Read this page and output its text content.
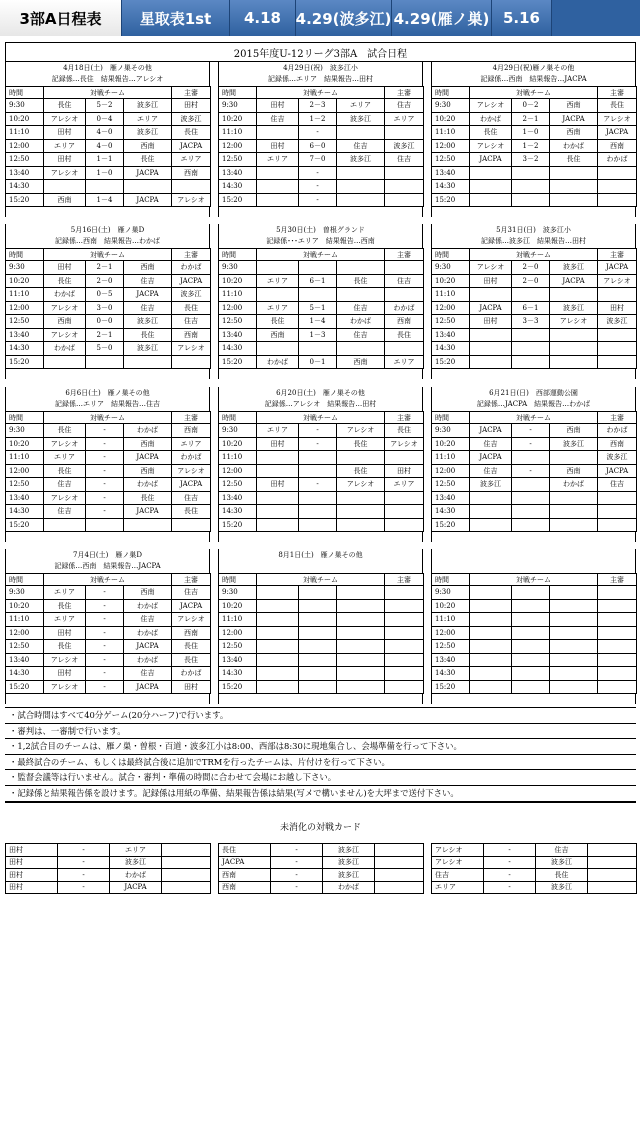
3部A日程表	星取表1st	4.18 4.29(波多江) 4.29(雁ノ巣) 5.16
2015年度U-12リーグ3部A　試合日程
4月18日(土)　雁ノ巣その他
記録係…長住　結果報告…アレシオ
時間	対戦チーム			主審
9:30	長住	5－2	波多江	田村
10:20	アレシオ	0－4	エリア	波多江
11:10	田村	4－0	波多江	長住
12:00	エリア	4－0	西南	JACPA
12:50	田村	1－1	長住	エリア
13:40	アレシオ	1－0	JACPA	西南
14:30				
15:20	西南	1－4	JACPA	アレシオ
4月29日(祝)　波多江小
記録係…エリア　結果報告…田村
時間	対戦チーム			主審
9:30	田村	2－3	エリア	住吉
10:20	住吉	1－2	波多江	エリア
11:10		-		
12:00	田村	6－0	住吉	波多江
12:50	エリア	7－0	波多江	住吉
13:40		-		
14:30		-		
15:20		-		
4月29日(祝)雁ノ巣その他
記録係…西南　結果報告…JACPA
時間	対戦チーム			主審
9:30	アレシオ	0－2	西南	長住
10:20	わかば	2－1	JACPA	アレシオ
11:10	長住	1－0	西南	JACPA
12:00	アレシオ	1－2	わかば	西南
12:50	JACPA	3－2	長住	わかば
13:40				
14:30				
15:20				
5月16日(土)　雁ノ巣D
記録係…西南　結果報告…わかば
時間	対戦チーム			主審
9:30	田村	2－1	西南	わかば
10:20	長住	2－0	住吉	JACPA
11:10	わかば	0－5	JACPA	波多江
12:00	アレシオ	3－0	住吉	長住
12:50	西南	0－0	波多江	住吉
13:40	アレシオ	2－1	長住	西南
14:30	わかば	5－0	波多江	アレシオ
15:20				
5月30日(土)　曽根グランド
記録係･･･エリア　結果報告…西南
時間	対戦チーム			主審
9:30				
10:20	エリア	6－1	長住	住吉
11:10				
12:00	エリア	5－1	住吉	わかば
12:50	長住	1－4	わかば	西南
13:40	西南	1－3	住吉	長住
14:30				
15:20	わかば	0－1	西南	エリア
5月31日(日)　波多江小
記録係…波多江　結果報告…田村
時間	対戦チーム			主審
9:30	アレシオ	2－0	波多江	JACPA
10:20	田村	2－0	JACPA	アレシオ
11:10				
12:00	JACPA	6－1	波多江	田村
12:50	田村	3－3	アレシオ	波多江
13:40				
14:30				
15:20				
6月6日(土)　雁ノ巣その他
記録係…エリア　結果報告…住吉
時間	対戦チーム			主審
9:30	長住	-	わかば	西南
10:20	アレシオ	-	西南	エリア
11:10	エリア	-	JACPA	わかば
12:00	長住	-	西南	アレシオ
12:50	住吉	-	わかば	JACPA
13:40	アレシオ	-	長住	住吉
14:30	住吉	-	JACPA	長住
15:20				
6月20日(土)　雁ノ巣その他
記録係…アレシオ　結果報告…田村
時間	対戦チーム			主審
9:30	エリア	-	アレシオ	長住
10:20	田村	-	長住	アレシオ
11:10				
12:00			長住	田村
12:50	田村	-	アレシオ	エリア
13:40				
14:30				
15:20				
6月21日(日)　西部運動公園
記録係…JACPA　結果報告…わかば
時間	対戦チーム			主審
9:30	JACPA	-	西南	わかば
10:20	住吉	-	波多江	西南
11:10	JACPA			波多江
12:00	住吉	-	西南	JACPA
12:50	波多江		わかば	住吉
13:40				
14:30				
15:20				
7月4日(土)　雁ノ巣D
記録係…西南　結果報告…JACPA
時間	対戦チーム			主審
9:30	エリア	-	西南	住吉
10:20	長住	-	わかば	JACPA
11:10	エリア	-	住吉	アレシオ
12:00	田村	-	わかば	西南
12:50	長住	-	JACPA	長住
13:40	アレシオ	-	わかば	長住
14:30	田村	-	住吉	わかば
15:20	アレシオ	-	JACPA	田村
8月1日(土)　雁ノ巣その他
時間	対戦チーム			主審
9:30				
10:20				
11:10				
12:00				
12:50				
13:40				
14:30				
15:20				
時間	対戦チーム			主審
9:30				
10:20				
11:10				
12:00				
12:50				
13:40				
14:30				
15:20				

・試合時間はすべて40分ゲーム(20分ハーフ)で行います。

・審判は、一審制で行います。

・1,2試合目のチームは、雁ノ巣・曽根・百道・波多江小は8:00、西部は8:30に現地集合し、会場準備を行って下さい。

・最終試合のチーム、もしくは最終試合後に追加でTRMを行ったチームは、片付けを行って下さい。

・監督会議等は行いません。試合・審判・準備の時間に合わせて会場にお越し下さい。

・記録係と結果報告係を設けます。記録係は用紙の準備、結果報告係は結果(写メで構いません)を大坪まで送付下さい。

未消化の対戦カード
田村	-	エリア	
田村	-	波多江	
田村	-	わかば	
田村	-	JACPA	
長住	-	波多江	
JACPA	-	波多江	
西南	-	波多江	
西南	-	わかば	
アレシオ	-	住吉	
アレシオ	-	波多江	
住吉	-	長住	
エリア	-	波多江	
